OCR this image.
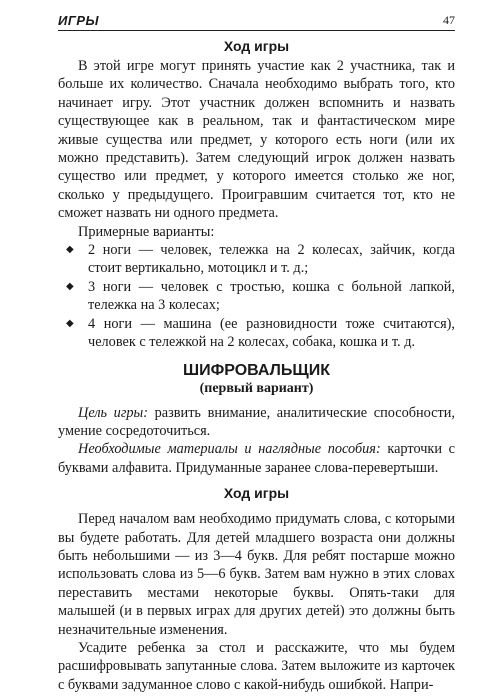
ИГРЫ	47
Ход игры

В этой игре могут принять участие как 2 участника, так и больше их количество. Сначала необходимо выбрать того, кто начинает игру. Этот участник должен вспомнить и назвать существующее как в реальном, так и фантастическом мире живые существа или предмет, у которого есть ноги (или их можно представить). Затем следующий игрок должен назвать существо или предмет, у которого имеется столько же ног, сколько у предыдущего. Проигравшим считается тот, кто не сможет назвать ни одного предмета.

Примерные варианты:

◆ 2 ноги — человек, тележка на 2 колесах, зайчик, когда стоит вертикально, мотоцикл и т. д.;
◆ 3 ноги — человек с тростью, кошка с больной лапкой, тележка на 3 колесах;
◆ 4 ноги — машина (ее разновидности тоже считаются), человек с тележкой на 2 колесах, собака, кошка и т. д.
ШИФРОВАЛЬЩИК
(первый вариант)

Цель игры: развить внимание, аналитические способности, умение сосредоточиться.

Необходимые материалы и наглядные пособия: карточки с буквами алфавита. Придуманные заранее слова-перевертыши.

Ход игры

Перед началом вам необходимо придумать слова, с которыми вы будете работать. Для детей младшего возраста они должны быть небольшими — из 3—4 букв. Для ребят постарше можно использовать слова из 5—6 букв. Затем вам нужно в этих словах переставить местами некоторые буквы. Опять-таки для малышей (и в первых играх для других детей) это должны быть незначительные изменения.

Усадите ребенка за стол и расскажите, что мы будем расшифровывать запутанные слова. Затем выложите из карточек с буквами задуманное слово с какой-нибудь ошибкой. Напри-
